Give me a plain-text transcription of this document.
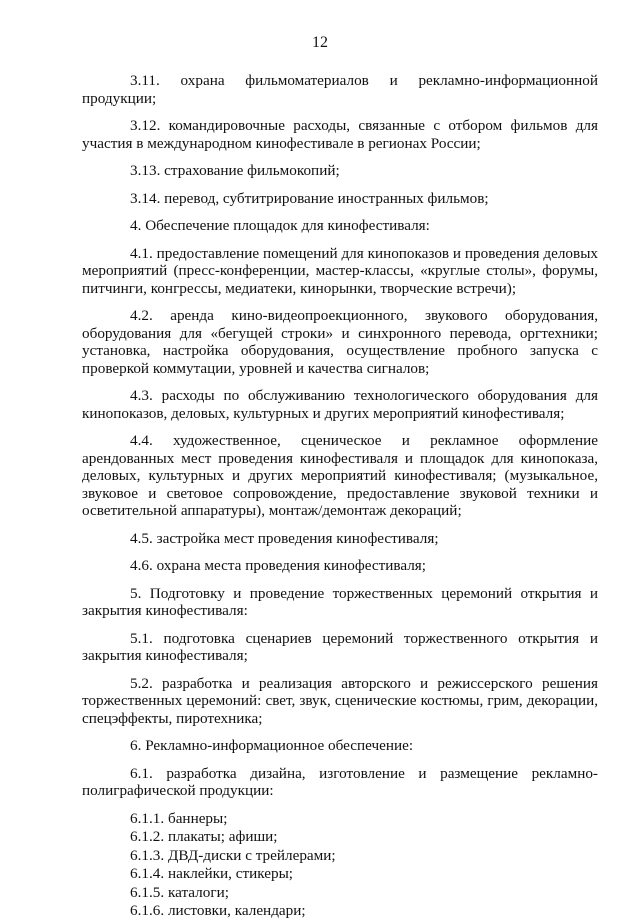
12

3.11. охрана фильмоматериалов и рекламно-информационной продукции;

3.12. командировочные расходы, связанные с отбором фильмов для участия в международном кинофестивале в регионах России;

3.13. страхование фильмокопий;

3.14. перевод, субтитрирование иностранных фильмов;

4. Обеспечение площадок для кинофестиваля:

4.1. предоставление помещений для кинопоказов и проведения деловых мероприятий (пресс-конференции, мастер-классы, «круглые столы», форумы, питчинги, конгрессы, медиатеки, кинорынки, творческие встречи);

4.2. аренда кино-видеопроекционного, звукового оборудования, оборудования для «бегущей строки» и синхронного перевода, оргтехники; установка, настройка оборудования, осуществление пробного запуска с проверкой коммутации, уровней и качества сигналов;

4.3. расходы по обслуживанию технологического оборудования для кинопоказов, деловых, культурных и других мероприятий кинофестиваля;

4.4. художественное, сценическое и рекламное оформление арендованных мест проведения кинофестиваля и площадок для кинопоказа, деловых, культурных и других мероприятий кинофестиваля; (музыкальное, звуковое и световое сопровождение, предоставление звуковой техники и осветительной аппаратуры), монтаж/демонтаж декораций;

4.5. застройка мест проведения кинофестиваля;

4.6. охрана места проведения кинофестиваля;

5. Подготовку и проведение торжественных церемоний открытия и закрытия кинофестиваля:

5.1. подготовка сценариев церемоний торжественного открытия и закрытия кинофестиваля;

5.2. разработка и реализация авторского и режиссерского решения торжественных церемоний: свет, звук, сценические костюмы, грим, декорации, спецэффекты, пиротехника;

6. Рекламно-информационное обеспечение:

6.1. разработка дизайна, изготовление и размещение рекламно-полиграфической продукции:

6.1.1. баннеры;

6.1.2. плакаты; афиши;

6.1.3. ДВД-диски с трейлерами;

6.1.4. наклейки, стикеры;

6.1.5. каталоги;

6.1.6. листовки, календари;
